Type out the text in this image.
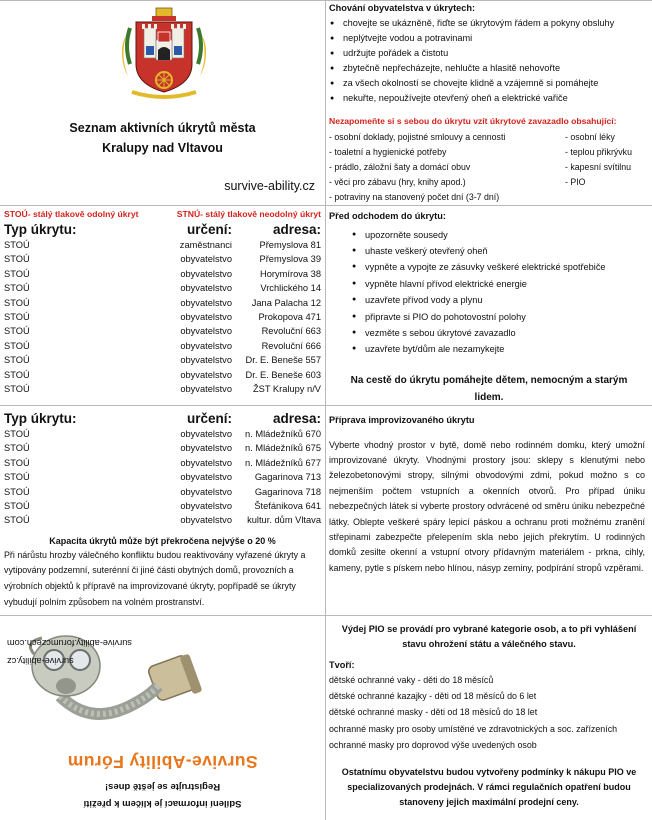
Seznam aktivních úkrytů města
Kralupy nad Vltavou
survive-ability.cz
Chování obyvatelstva v úkrytech:
● chovejte se ukázněně, řiďte se úkrytovým řádem a pokyny obsluhy
● neplýtvejte vodou a potravinami
● udržujte pořádek a čistotu
● zbytečně nepřecházejte, nehlučte a hlasitě nehovořte
● za všech okolností se chovejte klidně a vzájemně si pomáhejte
● nekuřte, nepoužívejte otevřený oheň a elektrické vařiče
Nezapomeňte si s sebou do úkrytu vzít úkrytové zavazadlo obsahující:
- osobní doklady, pojistné smlouvy a cennosti
- toaletní a hygienické potřeby
- prádlo, záložní šaty a domácí obuv
- věci pro zábavu (hry, knihy apod.)
- potraviny na stanovený počet dní (3-7 dní)
- osobní léky
- teplou přikrývku
- kapesní svítilnu
- PIO
STOÚ- stálý tlakově odolný úkryt	STNÚ- stálý tlakově neodolný úkryt
Typ úkrytu:	určení:	adresa:
STOÚ	zaměstnanci	Přemyslova 81
STOÚ	obyvatelstvo	Přemyslova 39
STOÚ	obyvatelstvo	Horymírova 38
STOÚ	obyvatelstvo	Vrchlického 14
STOÚ	obyvatelstvo Jana Palacha 12
STOÚ	obyvatelstvo	Prokopova 471
STOÚ	obyvatelstvo	Revoluční 663
STOÚ	obyvatelstvo	Revoluční 666
STOÚ	obyvatelstvo Dr. E. Beneše 557
STOÚ	obyvatelstvo Dr. E. Beneše 603
STOÚ	obyvatelstvo ŽST Kralupy n/V
Před odchodem do úkrytu:
● upozorněte sousedy
● uhaste veškerý otevřený oheň
● vypněte a vypojte ze zásuvky veškeré elektrické spotřebiče
● vypněte hlavní přívod elektrické energie
● uzavřete přívod vody a plynu
● připravte si PIO do pohotovostní polohy
● vezměte s sebou úkrytové zavazadlo
● uzavřete byt/dům ale nezamykejte
Na cestě do úkrytu pomáhejte dětem, nemocným a starým lidem.
Typ úkrytu:	určení:	adresa:
STOÚ	obyvatelstvo n. Mládežníků 670
STOÚ	obyvatelstvo n. Mládežníků 675
STOÚ	obyvatelstvo n. Mládežníků 677
STOÚ	obyvatelstvo Gagarinova 713
STOÚ	obyvatelstvo Gagarinova 718
STOÚ	obyvatelstvo Štefánikova 641
STOÚ	obyvatelstvo kultur. dům Vltava
Kapacita úkrytů může být překročena nejvýše o 20 %
Při nárůstu hrozby válečného konfliktu budou reaktivovány vyřazené úkryty a vytipovány podzemní, suterénní či jiné části obytných domů, provozních a výrobních objektů k přípravě na improvizované úkryty, popřípadě se úkryty vybudují polním způsobem na volném prostranství.
Příprava improvizovaného úkrytu
Vyberte vhodný prostor v bytě, domě nebo rodinném domku, který umožní improvizované úkryty. Vhodnými prostory jsou: sklepy s klenutými nebo železobetonovými stropy, silnými obvodovými zdmi, pokud možno s co nejmenším počtem vstupních a okenních otvorů. Pro případ úniku nebezpečných látek si vyberte prostory odvrácené od směru úniku nebezpečné látky. Oblepte veškeré spáry lepicí páskou a ochranu proti možnému zranění střepinami zabezpečte přelepením skla nebo jejich překrytím. U rodinných domků zesilte okenní a vstupní otvory přídavným materiálem - prkna, cihly, kameny, pytle s pískem nebo hlínou, násyp zeminy, podpírání stropů vzpěrami.
Sdílení informací je klíčem k přežití
Registrujte se ještě dnes!
Survive-Ability Fórum
survive-ability.cz
survive-ability.forumczech.com
Výdej PIO se provádí pro vybrané kategorie osob, a to při vyhlášení stavu ohrožení státu a válečného stavu.
Tvoří:
dětské ochranné vaky - děti do 18 měsíců
dětské ochranné kazajky - děti od 18 měsíců do 6 let
dětské ochranné masky - děti od 18 měsíců do 18 let
ochranné masky pro osoby umístěné ve zdravotnických a soc. zařízeních
ochranné masky pro doprovod výše uvedených osob
Ostatnímu obyvatelstvu budou vytvořeny podmínky k nákupu PIO ve specializovaných prodejnách. V rámci regulačních opatření budou stanoveny jejich maximální prodejní ceny.
